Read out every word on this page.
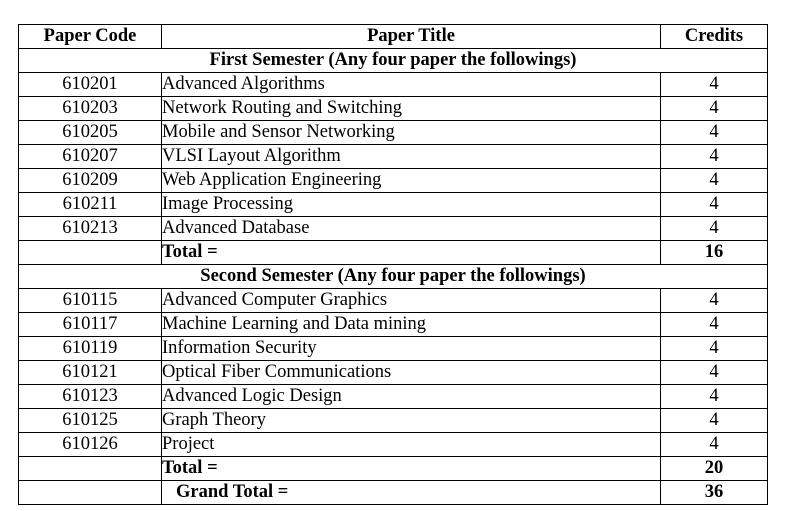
Paper Code	Paper Title	Credits
First Semester (Any four paper the followings)		
610201	Advanced Algorithms	4
610203	Network Routing and Switching	4
610205	Mobile and Sensor Networking	4
610207	VLSI Layout Algorithm	4
610209	Web Application Engineering	4
610211	Image Processing	4
610213	Advanced Database	4
	Total =	16
Second Semester (Any four paper the followings)		
610115	Advanced Computer Graphics	4
610117	Machine Learning and Data mining	4
610119	Information Security	4
610121	Optical Fiber Communications	4
610123	Advanced Logic Design	4
610125	Graph Theory	4
610126	Project	4
	Total =	20
	Grand Total =	36
